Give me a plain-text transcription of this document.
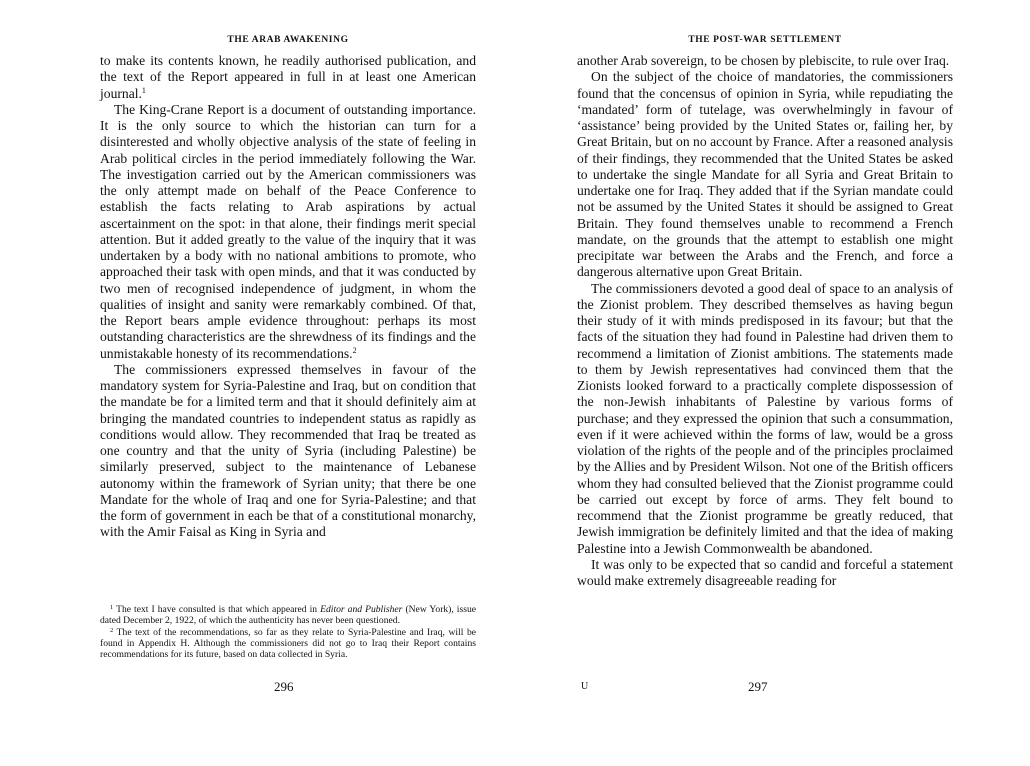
THE ARAB AWAKENING

to make its contents known, he readily authorised publication, and the text of the Report appeared in full in at least one American journal.$^1$

The King-Crane Report is a document of outstanding importance. It is the only source to which the historian can turn for a disinterested and wholly objective analysis of the state of feeling in Arab political circles in the period immediately following the War. The investigation carried out by the American commissioners was the only attempt made on behalf of the Peace Conference to establish the facts relating to Arab aspirations by actual ascertainment on the spot: in that alone, their findings merit special attention. But it added greatly to the value of the inquiry that it was undertaken by a body with no national ambitions to promote, who approached their task with open minds, and that it was conducted by two men of recognised independence of judgment, in whom the qualities of insight and sanity were remarkably combined. Of that, the Report bears ample evidence throughout: perhaps its most outstanding characteristics are the shrewdness of its findings and the unmistakable honesty of its recommendations.$^2$

The commissioners expressed themselves in favour of the mandatory system for Syria-Palestine and Iraq, but on condition that the mandate be for a limited term and that it should definitely aim at bringing the mandated countries to independent status as rapidly as conditions would allow. They recommended that Iraq be treated as one country and that the unity of Syria (including Palestine) be similarly preserved, subject to the maintenance of Lebanese autonomy within the framework of Syrian unity; that there be one Mandate for the whole of Iraq and one for Syria-Palestine; and that the form of government in each be that of a constitutional monarchy, with the Amir Faisal as King in Syria and

$^1$ The text I have consulted is that which appeared in Editor and Publisher (New York), issue dated December 2, 1922, of which the authenticity has never been questioned.

$^2$ The text of the recommendations, so far as they relate to Syria-Palestine and Iraq, will be found in Appendix H. Although the commissioners did not go to Iraq their Report contains recommendations for its future, based on data collected in Syria.

296

THE POST-WAR SETTLEMENT

another Arab sovereign, to be chosen by plebiscite, to rule over Iraq.

On the subject of the choice of mandatories, the commissioners found that the concensus of opinion in Syria, while repudiating the ‘mandated’ form of tutelage, was overwhelmingly in favour of ‘assistance’ being provided by the United States or, failing her, by Great Britain, but on no account by France. After a reasoned analysis of their findings, they recommended that the United States be asked to undertake the single Mandate for all Syria and Great Britain to undertake one for Iraq. They added that if the Syrian mandate could not be assumed by the United States it should be assigned to Great Britain. They found themselves unable to recommend a French mandate, on the grounds that the attempt to establish one might precipitate war between the Arabs and the French, and force a dangerous alternative upon Great Britain.

The commissioners devoted a good deal of space to an analysis of the Zionist problem. They described themselves as having begun their study of it with minds predisposed in its favour; but that the facts of the situation they had found in Palestine had driven them to recommend a limitation of Zionist ambitions. The statements made to them by Jewish representatives had convinced them that the Zionists looked forward to a practically complete dispossession of the non-Jewish inhabitants of Palestine by various forms of purchase; and they expressed the opinion that such a consummation, even if it were achieved within the forms of law, would be a gross violation of the rights of the people and of the principles proclaimed by the Allies and by President Wilson. Not one of the British officers whom they had consulted believed that the Zionist programme could be carried out except by force of arms. They felt bound to recommend that the Zionist programme be greatly reduced, that Jewish immigration be definitely limited and that the idea of making Palestine into a Jewish Commonwealth be abandoned.

It was only to be expected that so candid and forceful a statement would make extremely disagreeable reading for

U	297
